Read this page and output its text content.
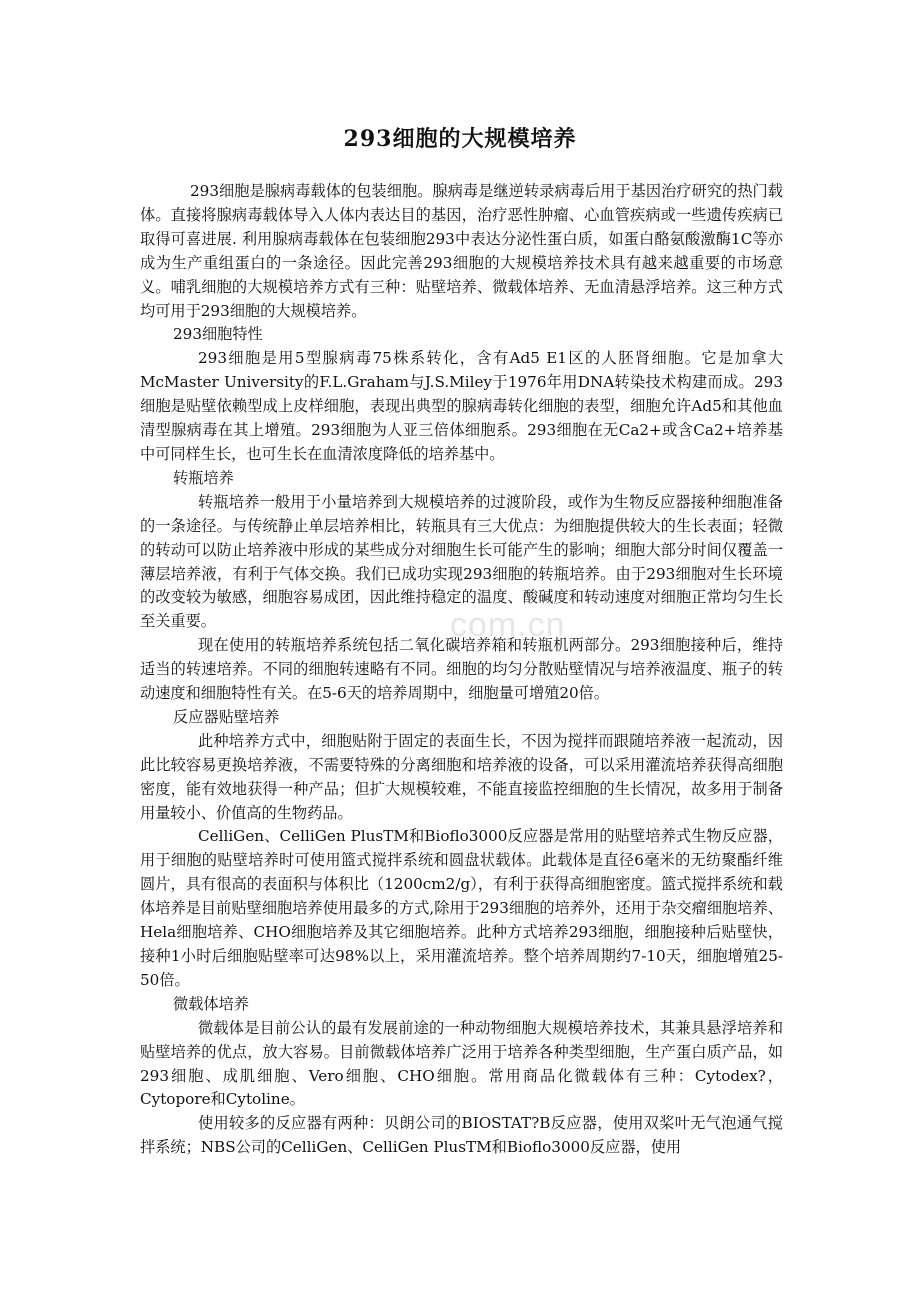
293细胞的大规模培养
com.cn

293细胞是腺病毒载体的包装细胞。腺病毒是继逆转录病毒后用于基因治疗研究的热门载体。直接将腺病毒载体导入人体内表达目的基因，治疗恶性肿瘤、心血管疾病或一些遗传疾病已取得可喜进展. 利用腺病毒载体在包装细胞293中表达分泌性蛋白质，如蛋白酪氨酸激酶1C等亦成为生产重组蛋白的一条途径。因此完善293细胞的大规模培养技术具有越来越重要的市场意义。哺乳细胞的大规模培养方式有三种：贴壁培养、微载体培养、无血清悬浮培养。这三种方式均可用于293细胞的大规模培养。

293细胞特性

293细胞是用5型腺病毒75株系转化，含有Ad5 E1区的人胚肾细胞。它是加拿大McMaster University的F.L.Graham与J.S.Miley于1976年用DNA转染技术构建而成。293细胞是贴壁依赖型成上皮样细胞，表现出典型的腺病毒转化细胞的表型，细胞允许Ad5和其他血清型腺病毒在其上增殖。293细胞为人亚三倍体细胞系。293细胞在无Ca2+或含Ca2+培养基中可同样生长，也可生长在血清浓度降低的培养基中。

转瓶培养

转瓶培养一般用于小量培养到大规模培养的过渡阶段，或作为生物反应器接种细胞准备的一条途径。与传统静止单层培养相比，转瓶具有三大优点：为细胞提供较大的生长表面；轻微的转动可以防止培养液中形成的某些成分对细胞生长可能产生的影响；细胞大部分时间仅覆盖一薄层培养液，有利于气体交换。我们已成功实现293细胞的转瓶培养。由于293细胞对生长环境的改变较为敏感，细胞容易成团，因此维持稳定的温度、酸碱度和转动速度对细胞正常均匀生长至关重要。

现在使用的转瓶培养系统包括二氧化碳培养箱和转瓶机两部分。293细胞接种后，维持适当的转速培养。不同的细胞转速略有不同。细胞的均匀分散贴壁情况与培养液温度、瓶子的转动速度和细胞特性有关。在5-6天的培养周期中，细胞量可增殖20倍。

反应器贴壁培养

此种培养方式中，细胞贴附于固定的表面生长，不因为搅拌而跟随培养液一起流动，因此比较容易更换培养液，不需要特殊的分离细胞和培养液的设备，可以采用灌流培养获得高细胞密度，能有效地获得一种产品；但扩大规模较难，不能直接监控细胞的生长情况，故多用于制备用量较小、价值高的生物药品。

CelliGen、CelliGen PlusTM和Bioflo3000反应器是常用的贴壁培养式生物反应器，用于细胞的贴壁培养时可使用篮式搅拌系统和圆盘状载体。此载体是直径6毫米的无纺聚酯纤维圆片，具有很高的表面积与体积比（1200cm2/g），有利于获得高细胞密度。篮式搅拌系统和载体培养是目前贴壁细胞培养使用最多的方式,除用于293细胞的培养外，还用于杂交瘤细胞培养、Hela细胞培养、CHO细胞培养及其它细胞培养。此种方式培养293细胞，细胞接种后贴壁快，接种1小时后细胞贴壁率可达98%以上，采用灌流培养。整个培养周期约7-10天，细胞增殖25-50倍。

微载体培养

微载体是目前公认的最有发展前途的一种动物细胞大规模培养技术，其兼具悬浮培养和贴壁培养的优点，放大容易。目前微载体培养广泛用于培养各种类型细胞，生产蛋白质产品，如293细胞、成肌细胞、Vero细胞、CHO细胞。常用商品化微载体有三种：Cytodex?，Cytopore和Cytoline。

使用较多的反应器有两种：贝朗公司的BIOSTAT?B反应器，使用双桨叶无气泡通气搅拌系统；NBS公司的CelliGen、CelliGen PlusTM和Bioflo3000反应器，使用
